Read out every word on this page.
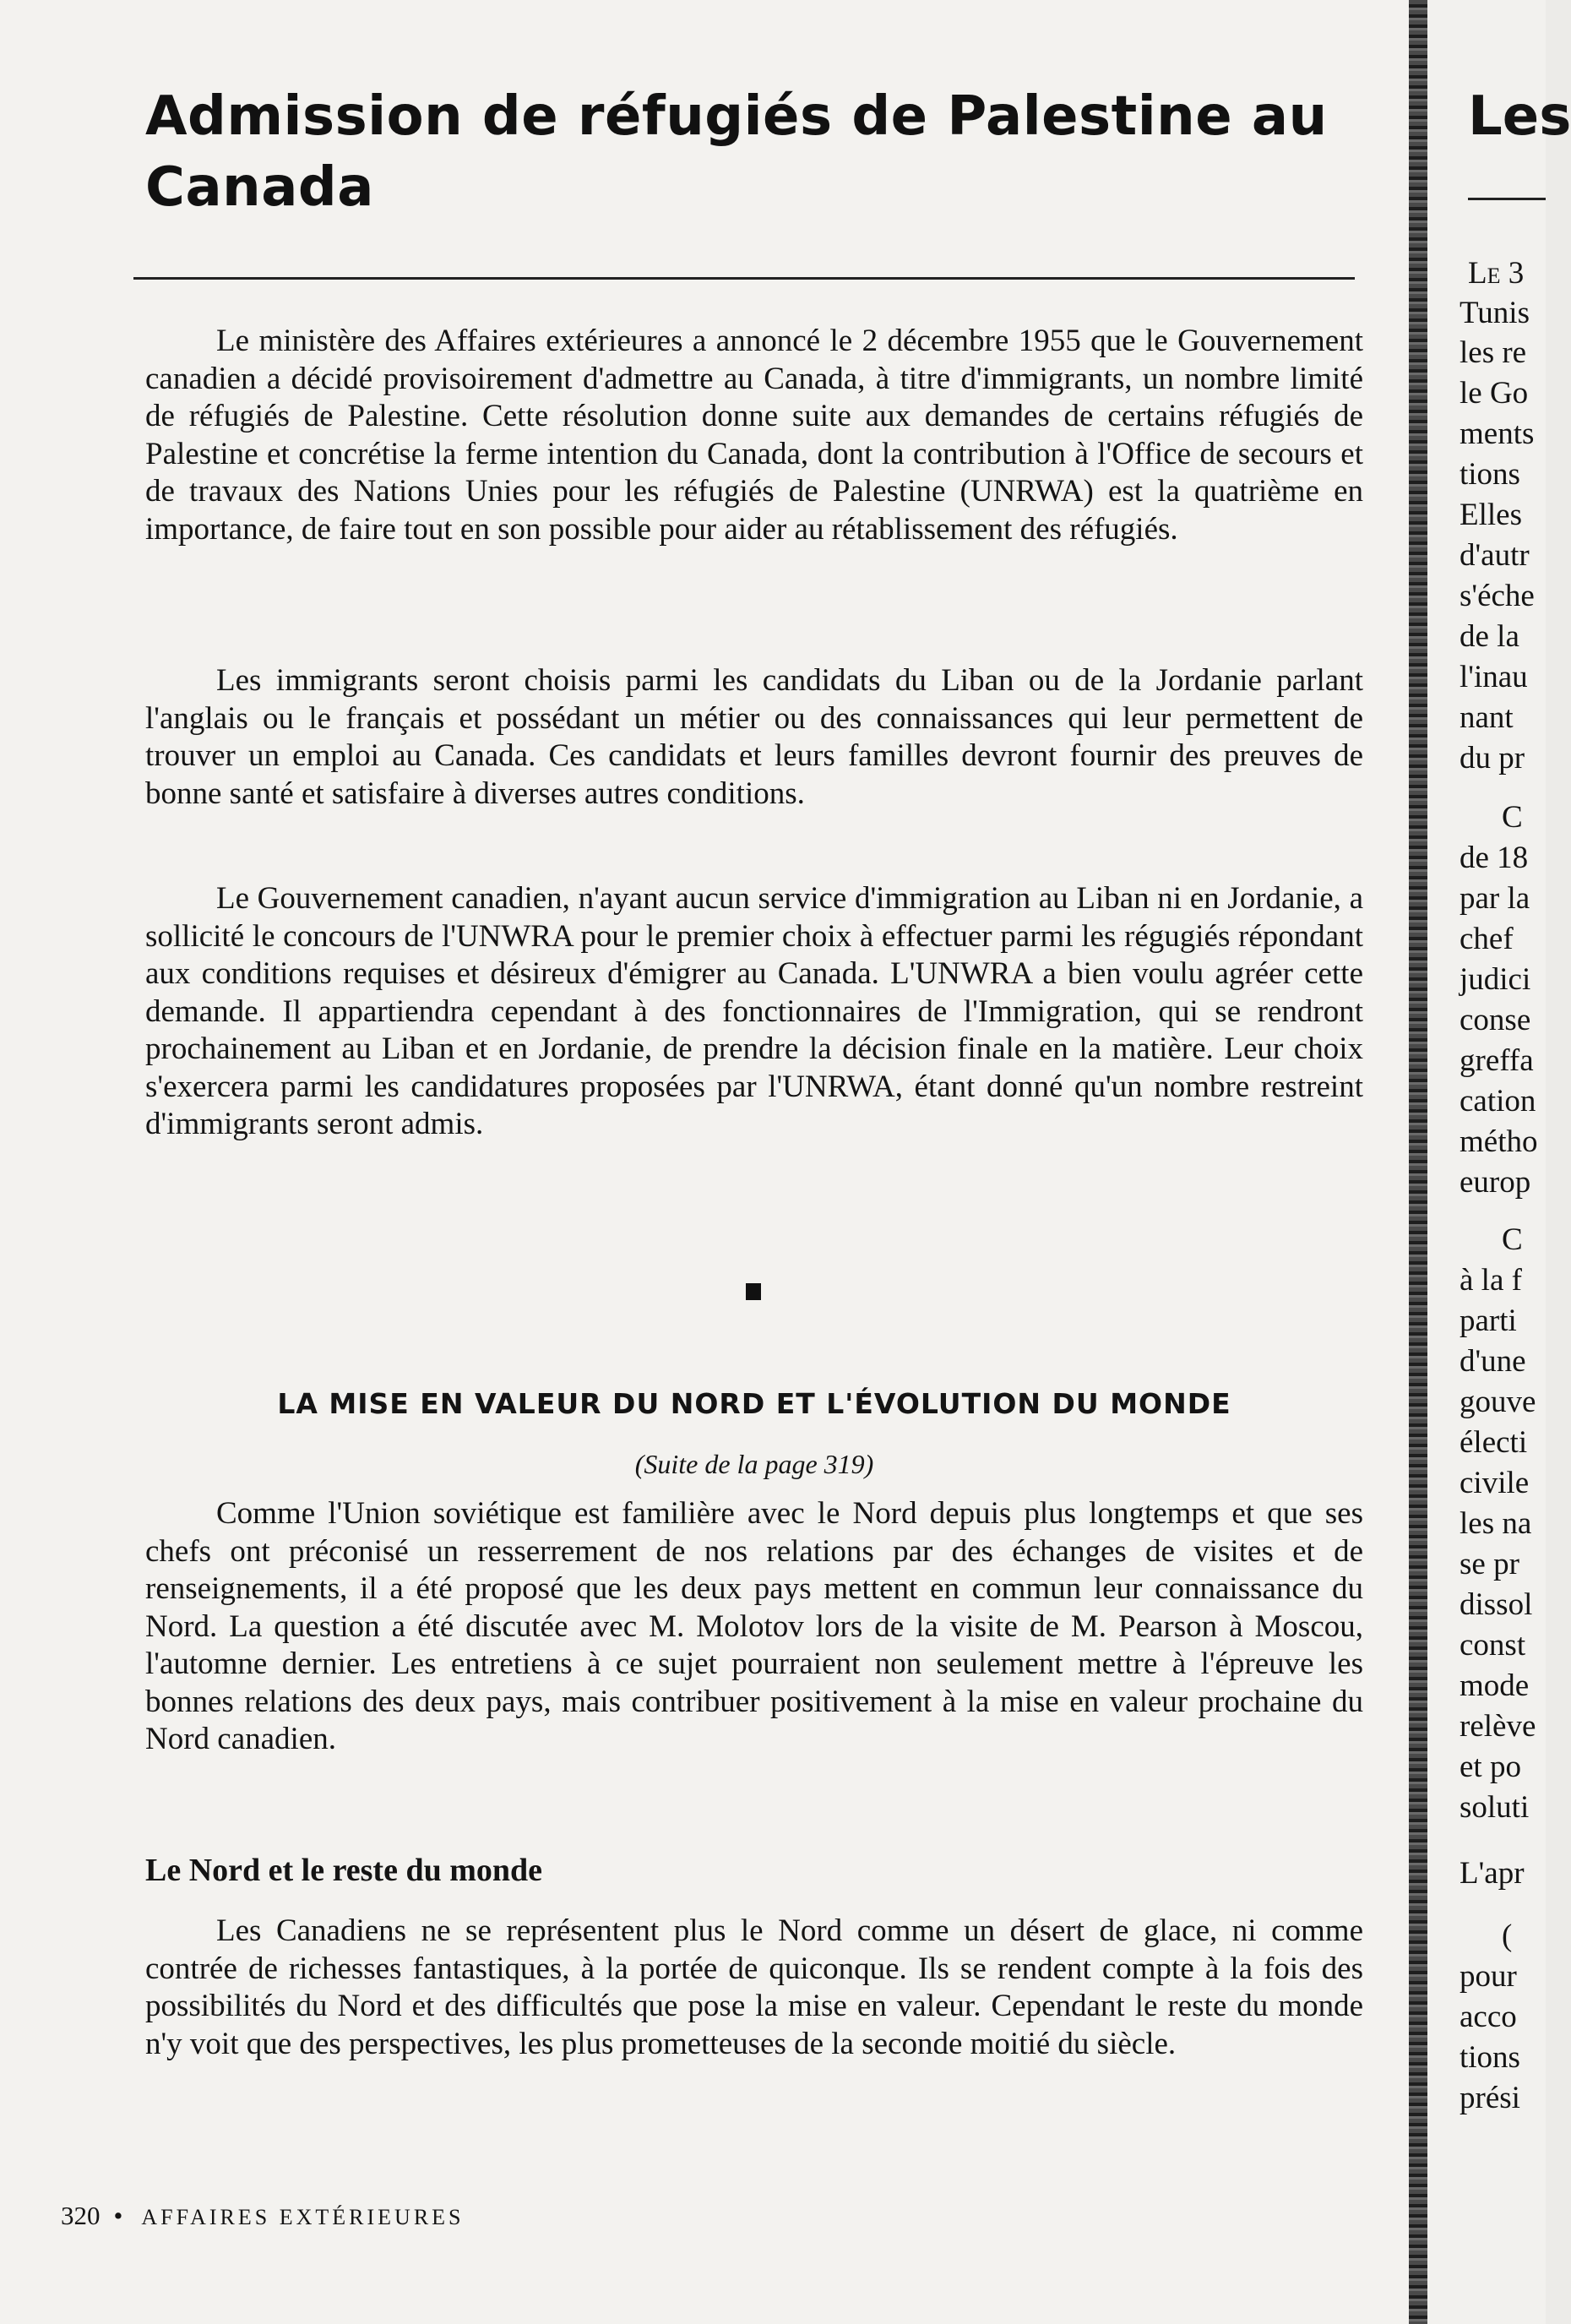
Admission de réfugiés de Palestine au Canada

Le ministère des Affaires extérieures a annoncé le 2 décembre 1955 que le Gouvernement canadien a décidé provisoirement d'admettre au Canada, à titre d'immigrants, un nombre limité de réfugiés de Palestine. Cette résolution donne suite aux demandes de certains réfugiés de Palestine et concrétise la ferme intention du Canada, dont la contribution à l'Office de secours et de travaux des Nations Unies pour les réfugiés de Palestine (UNRWA) est la quatrième en importance, de faire tout en son possible pour aider au rétablissement des réfugiés.

Les immigrants seront choisis parmi les candidats du Liban ou de la Jordanie parlant l'anglais ou le français et possédant un métier ou des connaissances qui leur permettent de trouver un emploi au Canada. Ces candidats et leurs familles devront fournir des preuves de bonne santé et satisfaire à diverses autres conditions.

Le Gouvernement canadien, n'ayant aucun service d'immigration au Liban ni en Jordanie, a sollicité le concours de l'UNWRA pour le premier choix à effectuer parmi les régugiés répondant aux conditions requises et désireux d'émigrer au Canada. L'UNWRA a bien voulu agréer cette demande. Il appartiendra cependant à des fonctionnaires de l'Immigration, qui se rendront prochainement au Liban et en Jordanie, de prendre la décision finale en la matière. Leur choix s'exercera parmi les candidatures proposées par l'UNRWA, étant donné qu'un nombre restreint d'immigrants seront admis.

LA MISE EN VALEUR DU NORD ET L'ÉVOLUTION DU MONDE

(Suite de la page 319)

Comme l'Union soviétique est familière avec le Nord depuis plus longtemps et que ses chefs ont préconisé un resserrement de nos relations par des échanges de visites et de renseignements, il a été proposé que les deux pays mettent en commun leur connaissance du Nord. La question a été discutée avec M. Molotov lors de la visite de M. Pearson à Moscou, l'automne dernier. Les entretiens à ce sujet pourraient non seulement mettre à l'épreuve les bonnes relations des deux pays, mais contribuer positivement à la mise en valeur prochaine du Nord canadien.

Le Nord et le reste du monde

Les Canadiens ne se représentent plus le Nord comme un désert de glace, ni comme contrée de richesses fantastiques, à la portée de quiconque. Ils se rendent compte à la fois des possibilités du Nord et des difficultés que pose la mise en valeur. Cependant le reste du monde n'y voit que des perspectives, les plus prometteuses de la seconde moitié du siècle.

320 • AFFAIRES EXTÉRIEURES

Les

Le 3

Tunis

les re

le Go

ments

tions

Elles

d'autr

s'éche

de la

l'inau

nant

du pr

C

de 18

par la

chef

judici

conse

greffa

cation

métho

europ

C

à la f

parti

d'une

gouve

électi

civile

les na

se pr

dissol

const

mode

relève

et po

soluti

L'apr

(

pour

acco

tions

prési
